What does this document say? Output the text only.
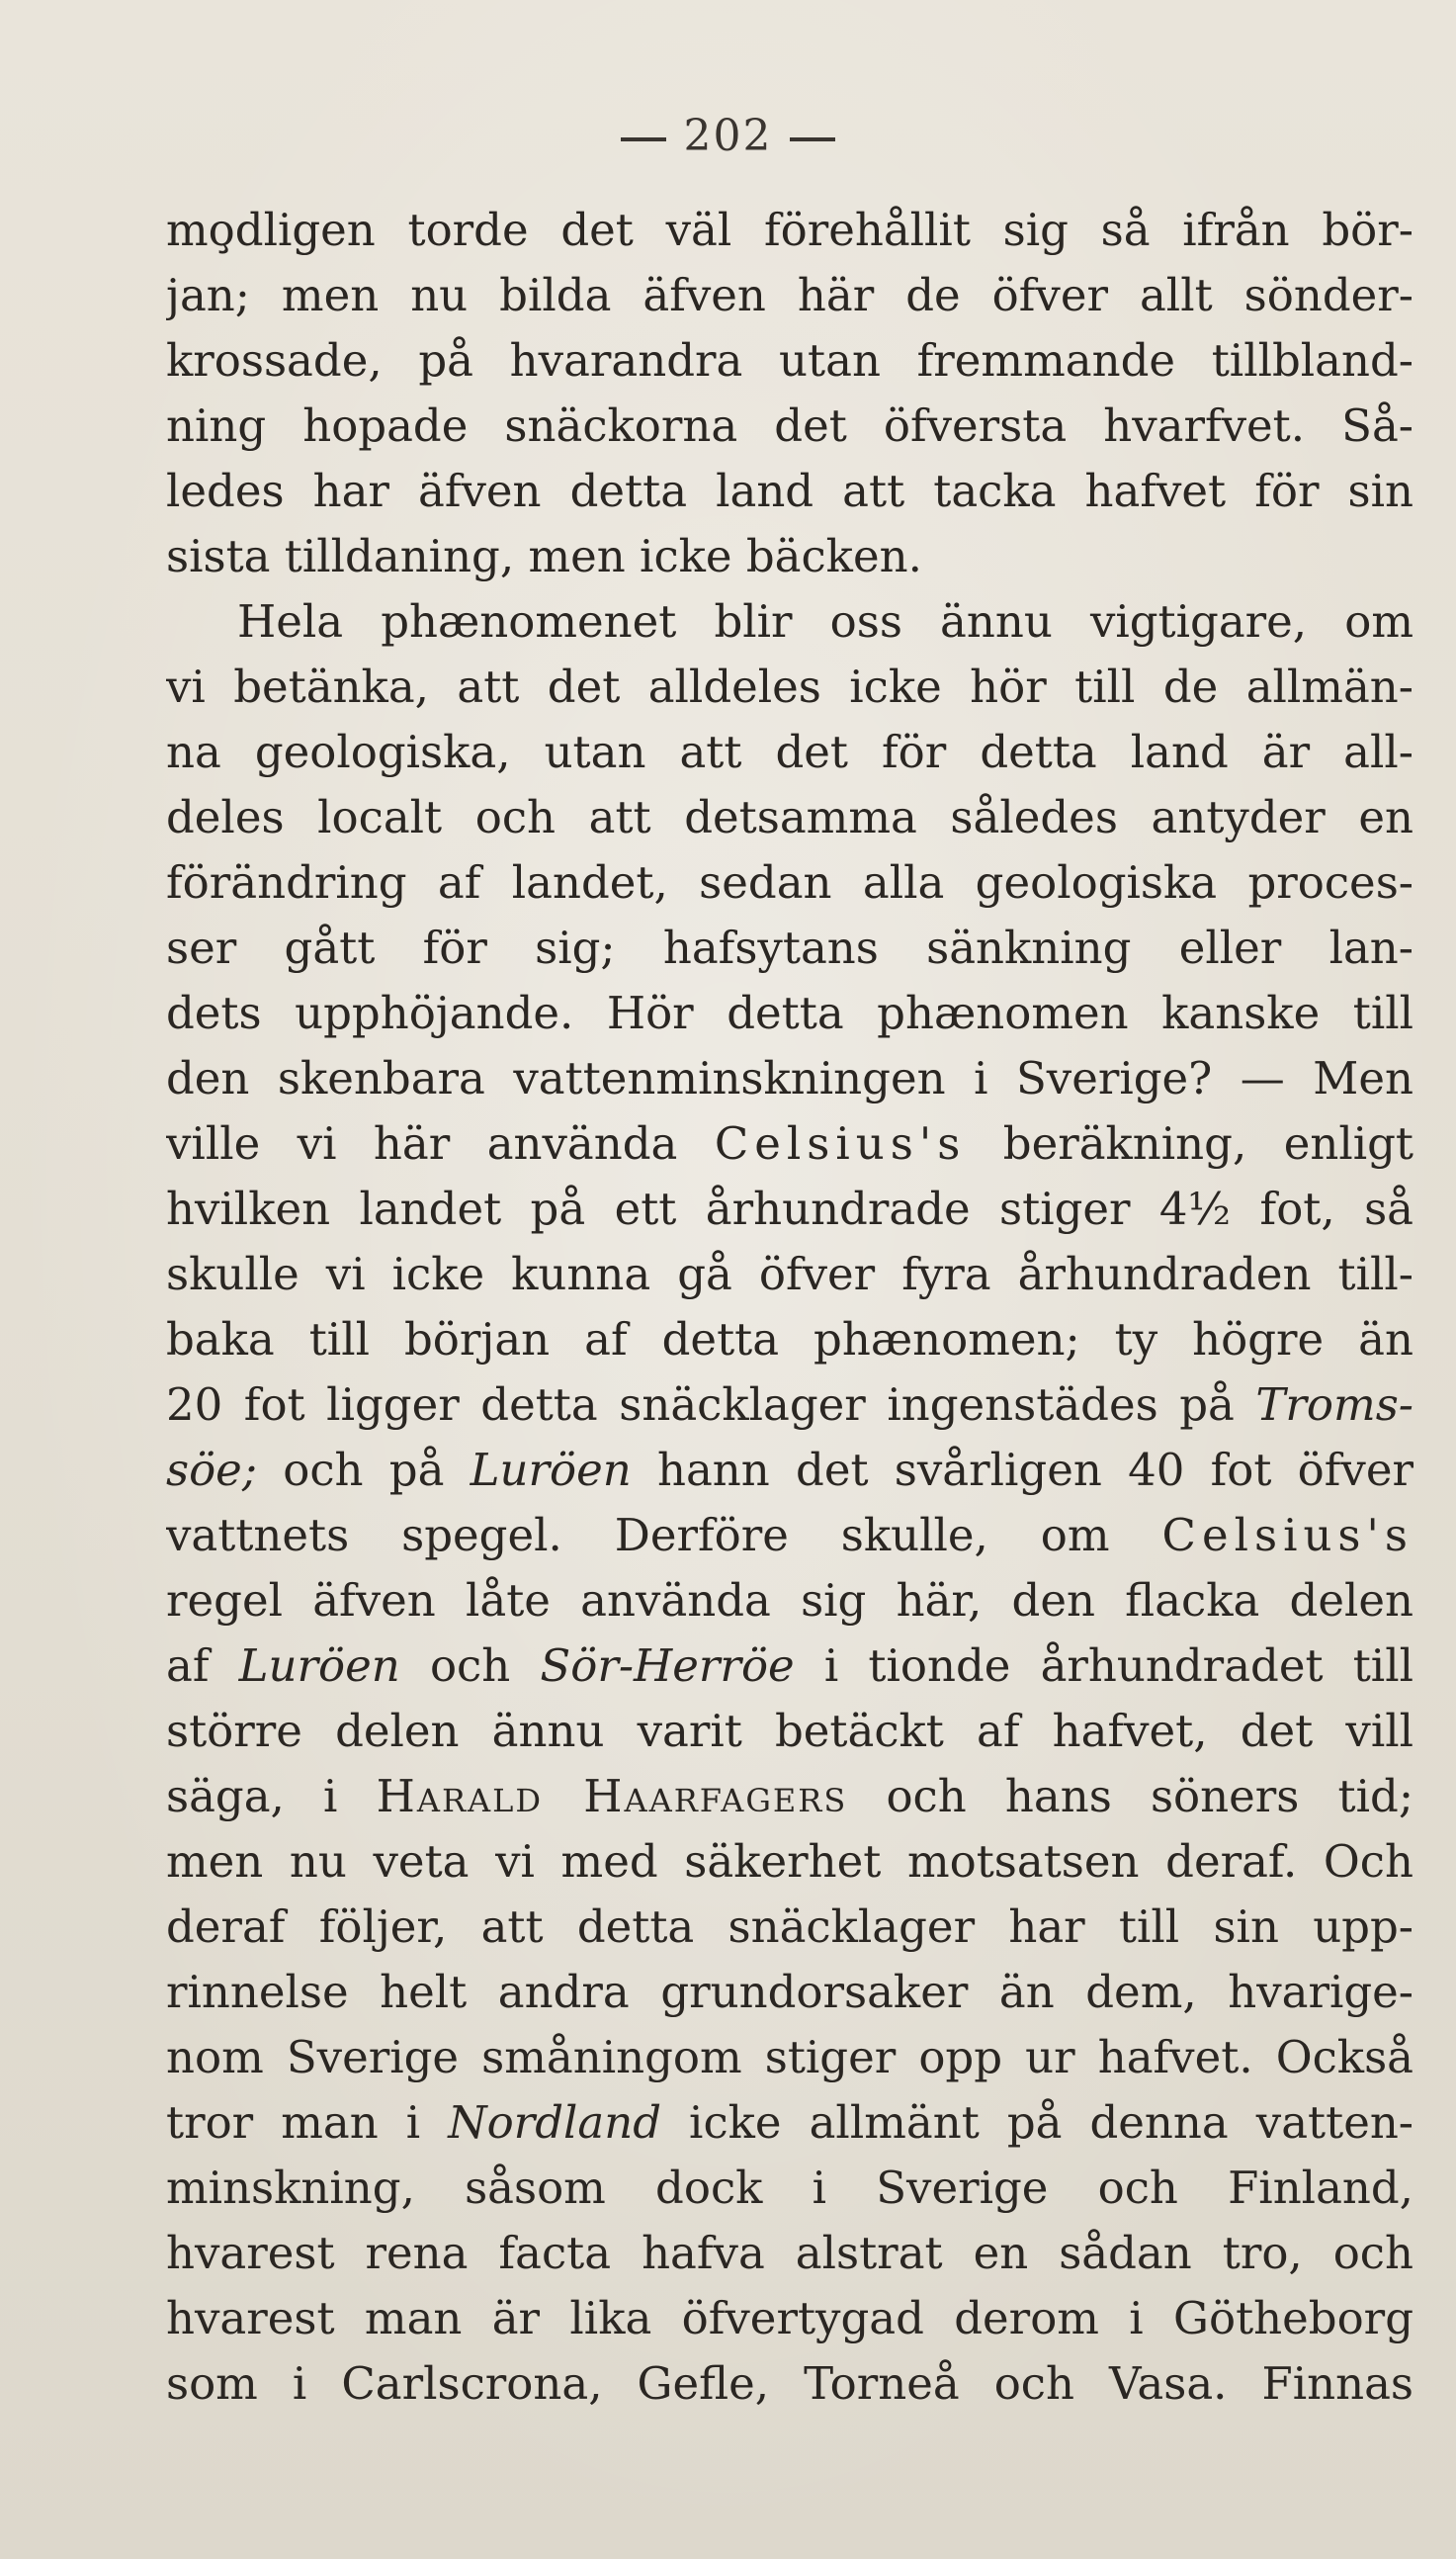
202
mo̧dligen torde det väl förehållit sig så ifrån bör-
jan; men nu bilda äfven här de öfver allt sönder-
krossade, på hvarandra utan fremmande tillbland-
ning hopade snäckorna det öfversta hvarfvet. Så-
ledes har äfven detta land att tacka hafvet för sin
sista tilldaning, men icke bäcken.
Hela phænomenet blir oss ännu vigtigare, om
vi betänka, att det alldeles icke hör till de allmän-
na geologiska, utan att det för detta land är all-
deles localt och att detsamma således antyder en
förändring af landet, sedan alla geologiska proces-
ser gått för sig; hafsytans sänkning eller lan-
dets upphöjande. Hör detta phænomen kanske till
den skenbara vattenminskningen i Sverige? — Men
ville vi här använda Celsius's beräkning, enligt
hvilken landet på ett århundrade stiger 4½ fot, så
skulle vi icke kunna gå öfver fyra århundraden till-
baka till början af detta phænomen; ty högre än
20 fot ligger detta snäcklager ingenstädes på Troms-
söe; och på Luröen hann det svårligen 40 fot öfver
vattnets spegel. Derföre skulle, om Celsius's
regel äfven låte använda sig här, den flacka delen
af Luröen och Sör-Herröe i tionde århundradet till
större delen ännu varit betäckt af hafvet, det vill
säga, i Harald Haarfagers och hans söners tid;
men nu veta vi med säkerhet motsatsen deraf. Och
deraf följer, att detta snäcklager har till sin upp-
rinnelse helt andra grundorsaker än dem, hvarige-
nom Sverige småningom stiger opp ur hafvet. Också
tror man i Nordland icke allmänt på denna vatten-
minskning, såsom dock i Sverige och Finland,
hvarest rena facta hafva alstrat en sådan tro, och
hvarest man är lika öfvertygad derom i Götheborg
som i Carlscrona, Gefle, Torneå och Vasa. Finnas
